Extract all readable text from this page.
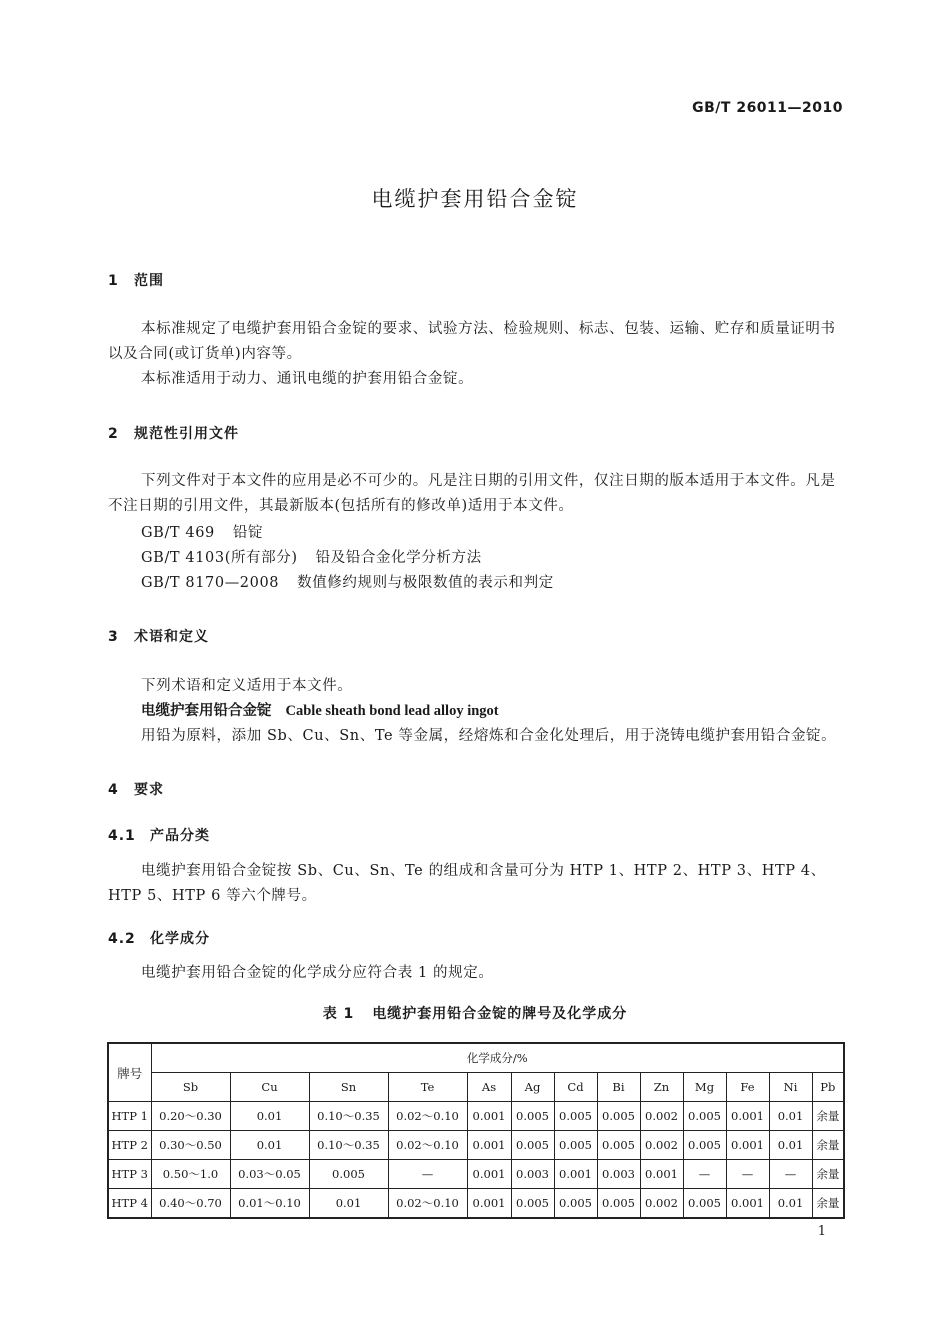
GB/T 26011—2010
电缆护套用铅合金锭
1 范围
本标准规定了电缆护套用铅合金锭的要求、试验方法、检验规则、标志、包装、运输、贮存和质量证明书以及合同(或订货单)内容等。
本标准适用于动力、通讯电缆的护套用铅合金锭。
2 规范性引用文件
下列文件对于本文件的应用是必不可少的。凡是注日期的引用文件，仅注日期的版本适用于本文件。凡是不注日期的引用文件，其最新版本(包括所有的修改单)适用于本文件。
GB/T 469 铅锭
GB/T 4103(所有部分) 铅及铅合金化学分析方法
GB/T 8170—2008 数值修约规则与极限数值的表示和判定
3 术语和定义
下列术语和定义适用于本文件。
电缆护套用铅合金锭 Cable sheath bond lead alloy ingot
用铅为原料，添加 Sb、Cu、Sn、Te 等金属，经熔炼和合金化处理后，用于浇铸电缆护套用铅合金锭。
4 要求
4.1 产品分类
电缆护套用铅合金锭按 Sb、Cu、Sn、Te 的组成和含量可分为 HTP 1、HTP 2、HTP 3、HTP 4、HTP 5、HTP 6 等六个牌号。
4.2 化学成分
电缆护套用铅合金锭的化学成分应符合表 1 的规定。
表 1 电缆护套用铅合金锭的牌号及化学成分
牌号	化学成分/%												
	Sb	Cu	Sn	Te	As	Ag	Cd	Bi	Zn	Mg	Fe	Ni	Pb
HTP 1	0.20～0.30	0.01	0.10～0.35	0.02～0.10	0.001	0.005	0.005	0.005	0.002	0.005	0.001	0.01	余量
HTP 2	0.30～0.50	0.01	0.10～0.35	0.02～0.10	0.001	0.005	0.005	0.005	0.002	0.005	0.001	0.01	余量
HTP 3	0.50～1.0	0.03～0.05	0.005	—	0.001	0.003	0.001	0.003	0.001	—	—	—	余量
HTP 4	0.40～0.70	0.01～0.10	0.01	0.02～0.10	0.001	0.005	0.005	0.005	0.002	0.005	0.001	0.01	余量
1
